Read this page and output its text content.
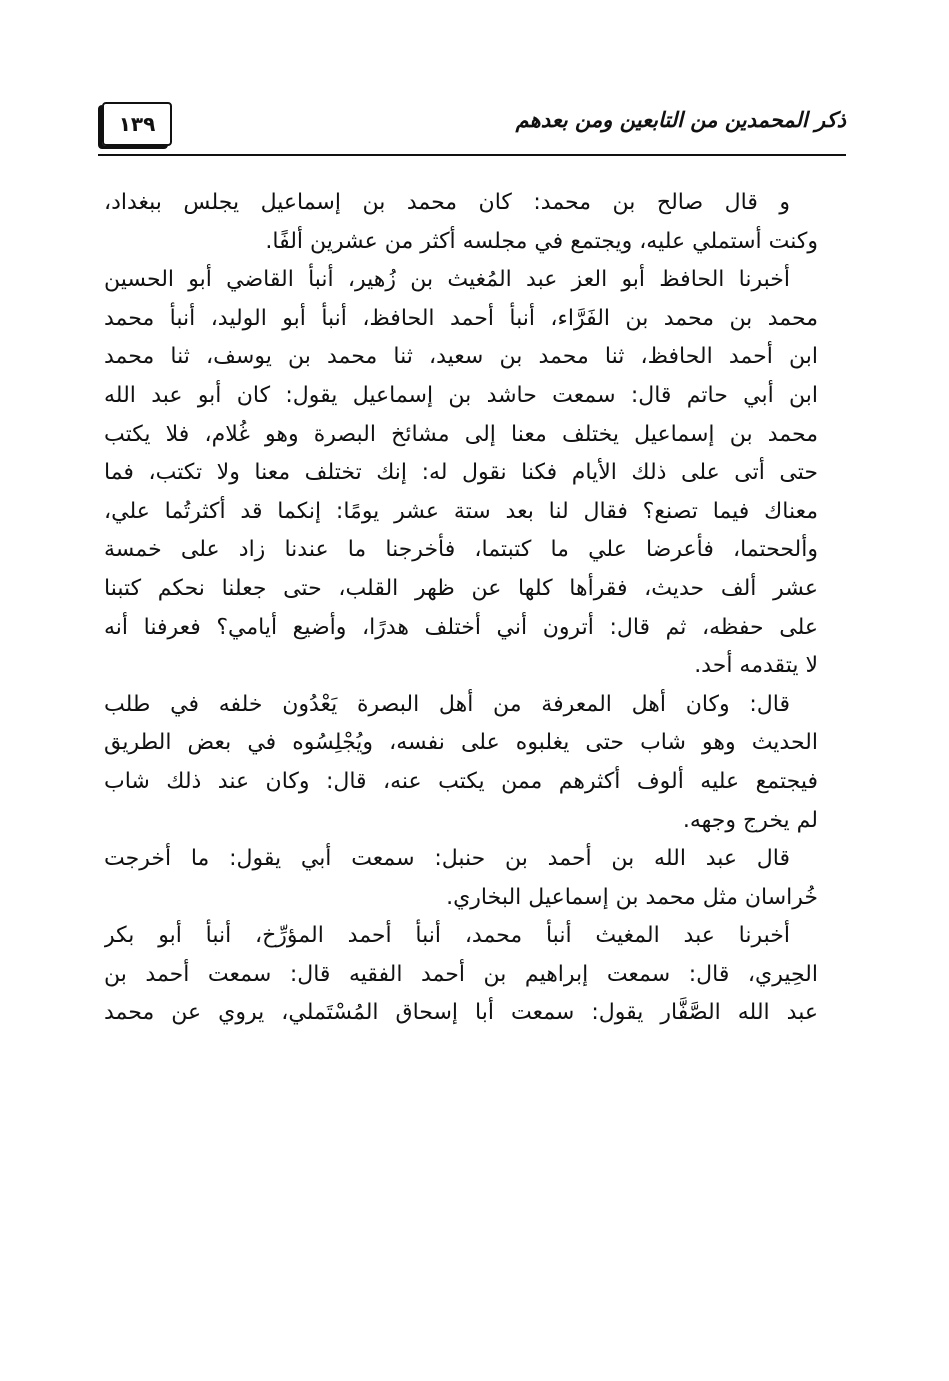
١٣٩	ذكر المحمدين من التابعين ومن بعدهم
و قال صالح بن محمد: كان محمد بن إسماعيل يجلس ببغداد،
وكنت أستملي عليه، ويجتمع في مجلسه أكثر من عشرين ألفًا.
أخبرنا الحافظ أبو العز عبد المُغيث بن زُهير، أنبأ القاضي أبو الحسين
محمد بن محمد بن الفَرَّاء، أنبأ أحمد الحافظ، أنبأ أبو الوليد، أنبأ محمد
ابن أحمد الحافظ، ثنا محمد بن سعيد، ثنا محمد بن يوسف، ثنا محمد
ابن أبي حاتم قال: سمعت حاشد بن إسماعيل يقول: كان أبو عبد الله
محمد بن إسماعيل يختلف معنا إلى مشائخ البصرة وهو غُلام، فلا يكتب
حتى أتى على ذلك الأيام فكنا نقول له: إنك تختلف معنا ولا تكتب، فما
معناك فيما تصنع؟ فقال لنا بعد ستة عشر يومًا: إنكما قد أكثرتُما علي،
وألححتما، فأعرضا علي ما كتبتما، فأخرجنا ما عندنا زاد على خمسة
عشر ألف حديث، فقرأها كلها عن ظهر القلب، حتى جعلنا نحكم كتبنا
على حفظه، ثم قال: أترون أني أختلف هدرًا، وأضيع أيامي؟ فعرفنا أنه
لا يتقدمه أحد.
قال: وكان أهل المعرفة من أهل البصرة يَعْدُون خلفه في طلب
الحديث وهو شاب حتى يغلبوه على نفسه، ويُجْلِسُوه في بعض الطريق
فيجتمع عليه ألوف أكثرهم ممن يكتب عنه، قال: وكان عند ذلك شاب
لم يخرج وجهه.
قال عبد الله بن أحمد بن حنبل: سمعت أبي يقول: ما أخرجت
خُراسان مثل محمد بن إسماعيل البخاري.
أخبرنا عبد المغيث أنبأ محمد، أنبأ أحمد المؤرِّخ، أنبأ أبو بكر
الحِيري، قال: سمعت إبراهيم بن أحمد الفقيه قال: سمعت أحمد بن
عبد الله الصَّفَّار يقول: سمعت أبا إسحاق المُسْتَملي، يروي عن محمد
